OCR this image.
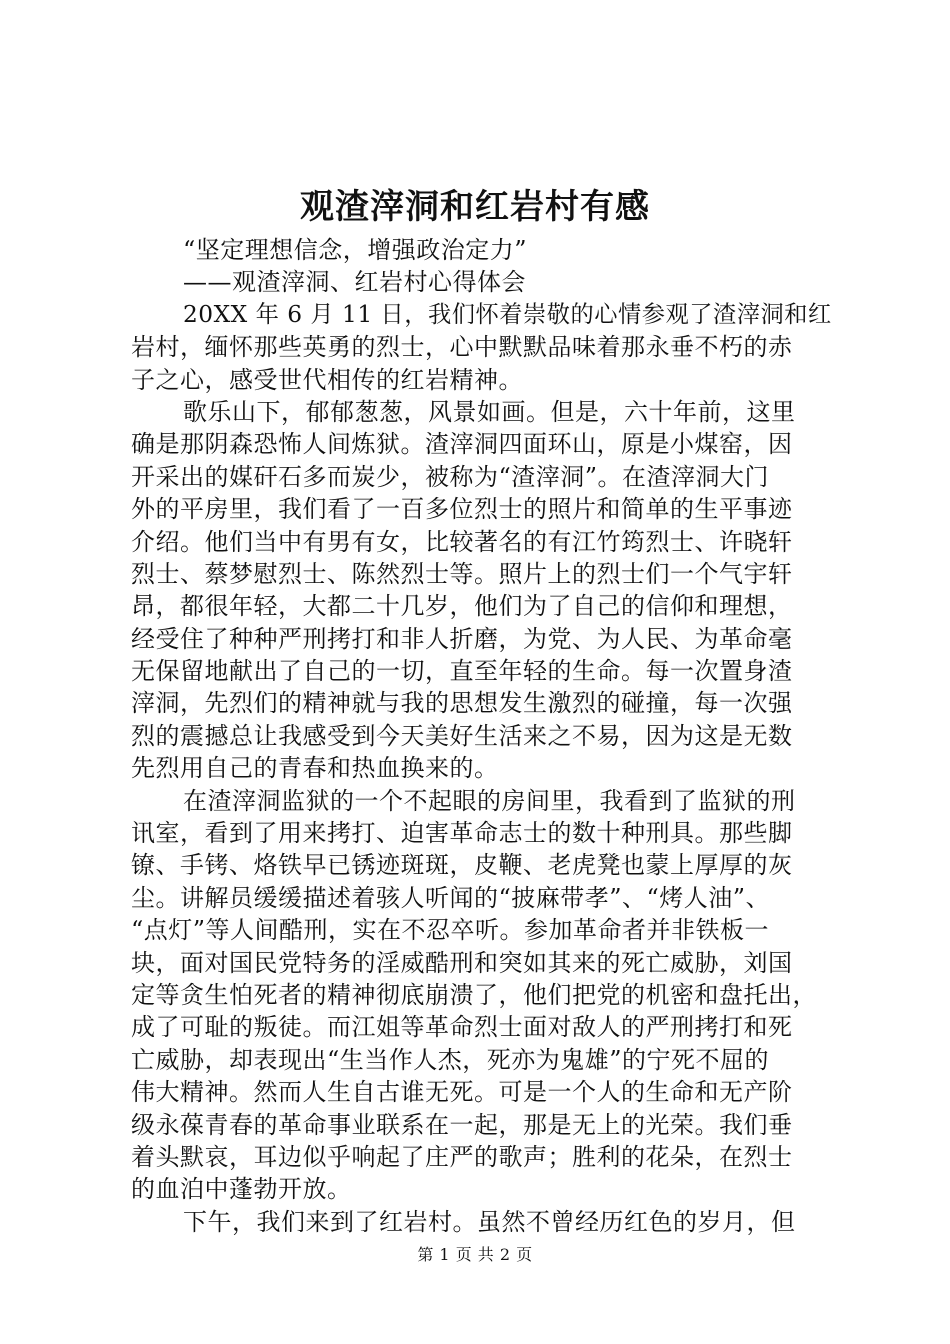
观渣滓洞和红岩村有感

“坚定理想信念，增强政治定力”

——观渣滓洞、红岩村心得体会

20XX 年 6 月 11 日，我们怀着崇敬的心情参观了渣滓洞和红

岩村，缅怀那些英勇的烈士，心中默默品味着那永垂不朽的赤

子之心，感受世代相传的红岩精神。

歌乐山下，郁郁葱葱，风景如画。但是，六十年前，这里

确是那阴森恐怖人间炼狱。渣滓洞四面环山，原是小煤窑，因

开采出的媒矸石多而炭少，被称为“渣滓洞”。在渣滓洞大门

外的平房里，我们看了一百多位烈士的照片和简单的生平事迹

介绍。他们当中有男有女，比较著名的有江竹筠烈士、许晓轩

烈士、蔡梦慰烈士、陈然烈士等。照片上的烈士们一个气宇轩

昂，都很年轻，大都二十几岁，他们为了自己的信仰和理想，

经受住了种种严刑拷打和非人折磨，为党、为人民、为革命毫

无保留地献出了自己的一切，直至年轻的生命。每一次置身渣

滓洞，先烈们的精神就与我的思想发生激烈的碰撞，每一次强

烈的震撼总让我感受到今天美好生活来之不易，因为这是无数

先烈用自己的青春和热血换来的。

在渣滓洞监狱的一个不起眼的房间里，我看到了监狱的刑

讯室，看到了用来拷打、迫害革命志士的数十种刑具。那些脚

镣、手铐、烙铁早已锈迹斑斑，皮鞭、老虎凳也蒙上厚厚的灰

尘。讲解员缓缓描述着骇人听闻的“披麻带孝”、“烤人油”、

“点灯”等人间酷刑，实在不忍卒听。参加革命者并非铁板一

块，面对国民党特务的淫威酷刑和突如其来的死亡威胁，刘国

定等贪生怕死者的精神彻底崩溃了，他们把党的机密和盘托出，

成了可耻的叛徒。而江姐等革命烈士面对敌人的严刑拷打和死

亡威胁，却表现出“生当作人杰，死亦为鬼雄”的宁死不屈的

伟大精神。然而人生自古谁无死。可是一个人的生命和无产阶

级永葆青春的革命事业联系在一起，那是无上的光荣。我们垂

着头默哀，耳边似乎响起了庄严的歌声；胜利的花朵，在烈士

的血泊中蓬勃开放。

下午，我们来到了红岩村。虽然不曾经历红色的岁月，但

第 1 页 共 2 页
